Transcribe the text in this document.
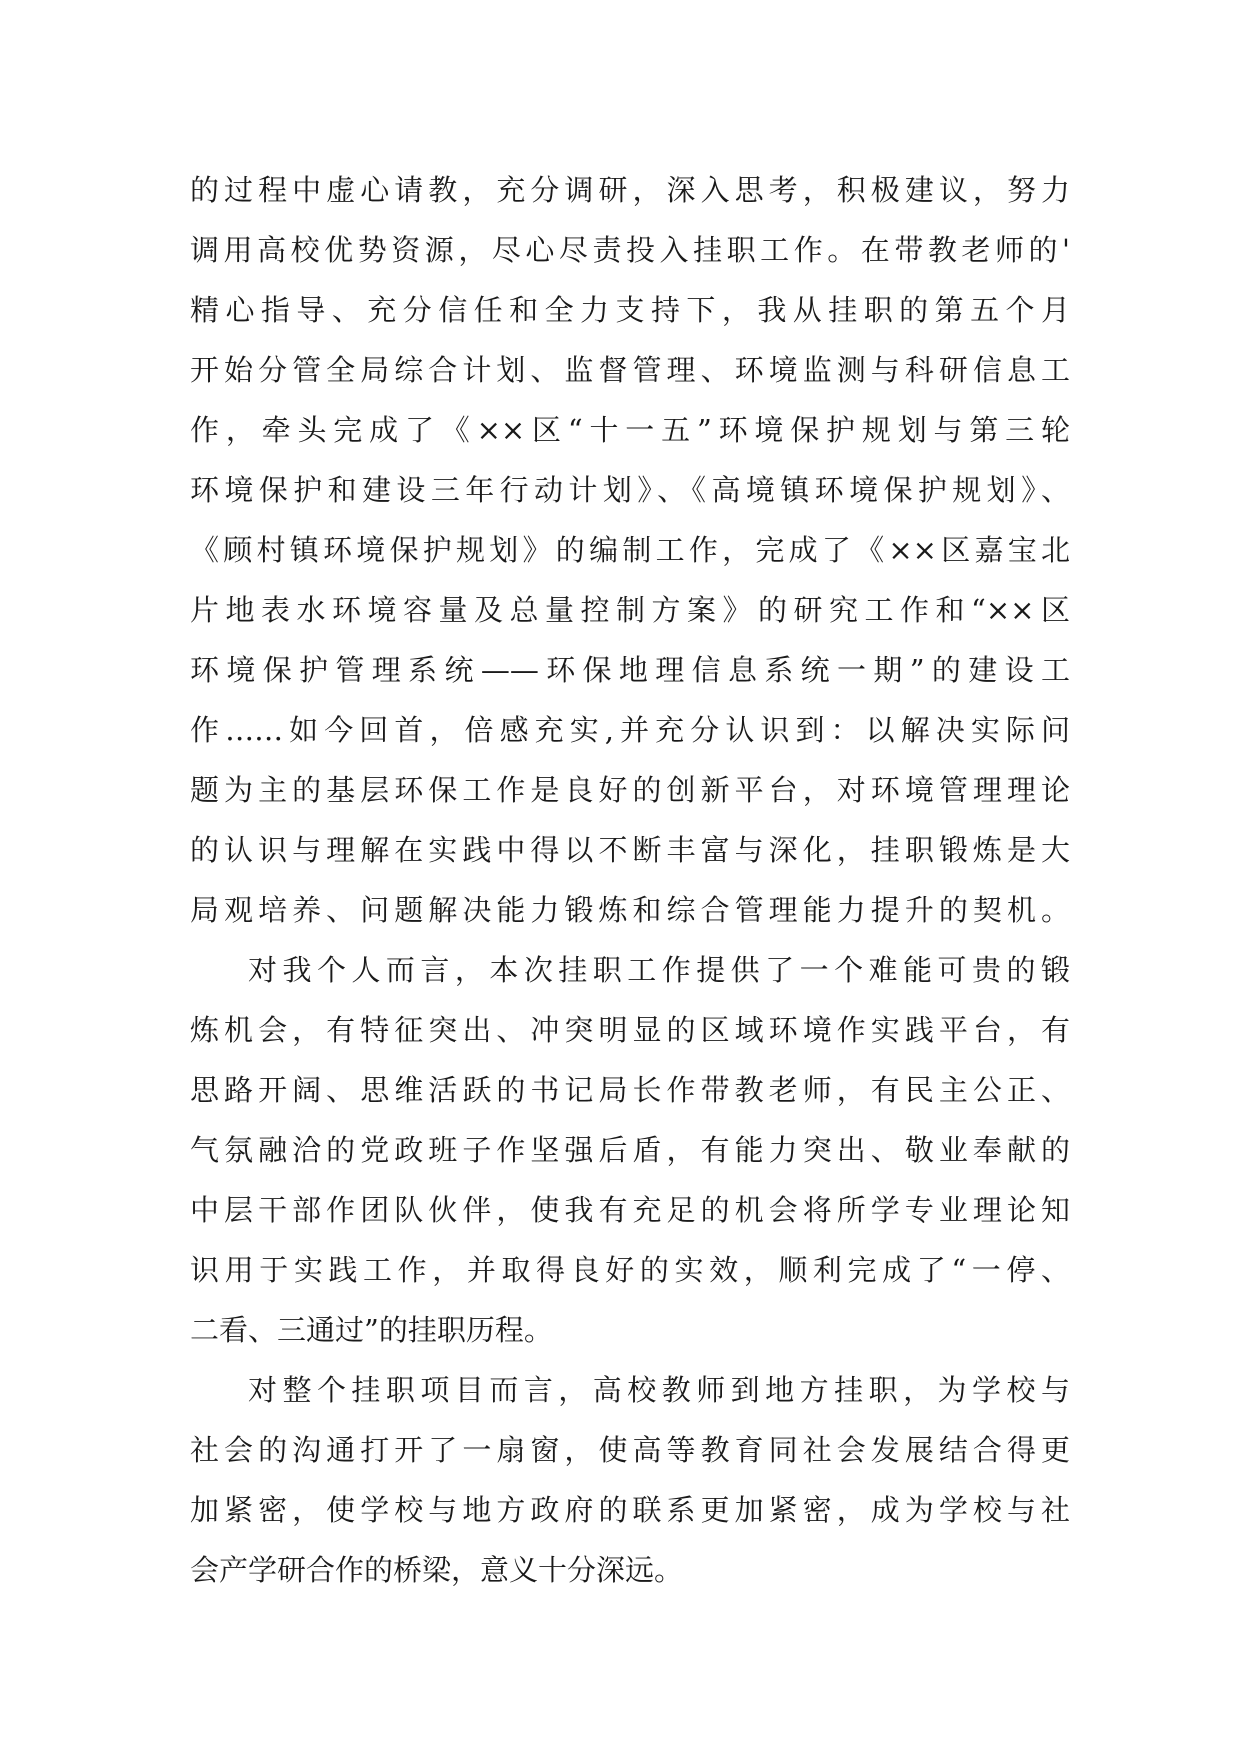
的过程中虚心请教，充分调研，深入思考，积极建议，努力
调用高校优势资源，尽心尽责投入挂职工作。在带教老师的'
精心指导、充分信任和全力支持下，我从挂职的第五个月
开始分管全局综合计划、监督管理、环境监测与科研信息工
作，牵头完成了《××区“十一五”环境保护规划与第三轮
环境保护和建设三年行动计划》、《高境镇环境保护规划》、
《顾村镇环境保护规划》的编制工作，完成了《××区嘉宝北
片地表水环境容量及总量控制方案》的研究工作和“××区
环境保护管理系统——环保地理信息系统一期”的建设工
作……如今回首，倍感充实,并充分认识到：以解决实际问
题为主的基层环保工作是良好的创新平台，对环境管理理论
的认识与理解在实践中得以不断丰富与深化，挂职锻炼是大
局观培养、问题解决能力锻炼和综合管理能力提升的契机。
对我个人而言，本次挂职工作提供了一个难能可贵的锻
炼机会，有特征突出、冲突明显的区域环境作实践平台，有
思路开阔、思维活跃的书记局长作带教老师，有民主公正、
气氛融洽的党政班子作坚强后盾，有能力突出、敬业奉献的
中层干部作团队伙伴，使我有充足的机会将所学专业理论知
识用于实践工作，并取得良好的实效，顺利完成了“一停、
二看、三通过”的挂职历程。
对整个挂职项目而言，高校教师到地方挂职，为学校与
社会的沟通打开了一扇窗，使高等教育同社会发展结合得更
加紧密，使学校与地方政府的联系更加紧密，成为学校与社
会产学研合作的桥梁，意义十分深远。
